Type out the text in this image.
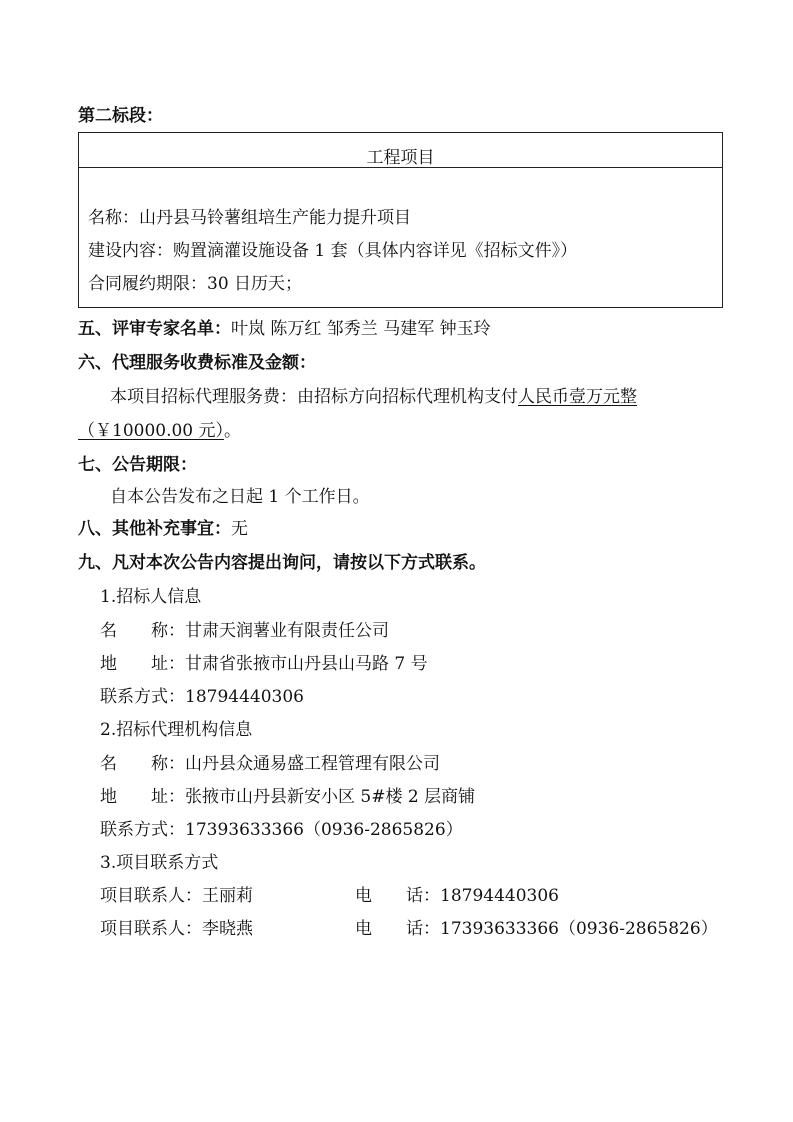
第二标段：
工程项目
名称：山丹县马铃薯组培生产能力提升项目
建设内容：购置滴灌设施设备 1 套（具体内容详见《招标文件》）
合同履约期限：30 日历天；
五、评审专家名单：叶岚 陈万红 邹秀兰 马建军 钟玉玲
六、代理服务收费标准及金额：
本项目招标代理服务费：由招标方向招标代理机构支付人民币壹万元整
（￥10000.00 元）。
七、公告期限：
自本公告发布之日起 1 个工作日。
八、其他补充事宜：无
九、凡对本次公告内容提出询问，请按以下方式联系。
1.招标人信息
名　　称：甘肃天润薯业有限责任公司
地　　址：甘肃省张掖市山丹县山马路 7 号
联系方式：18794440306
2.招标代理机构信息
名　　称：山丹县众通易盛工程管理有限公司
地　　址：张掖市山丹县新安小区 5#楼 2 层商铺
联系方式：17393633366（0936-2865826）
3.项目联系方式
项目联系人：王丽莉	电　　话：18794440306
项目联系人：李晓燕	电　　话：17393633366（0936-2865826）
